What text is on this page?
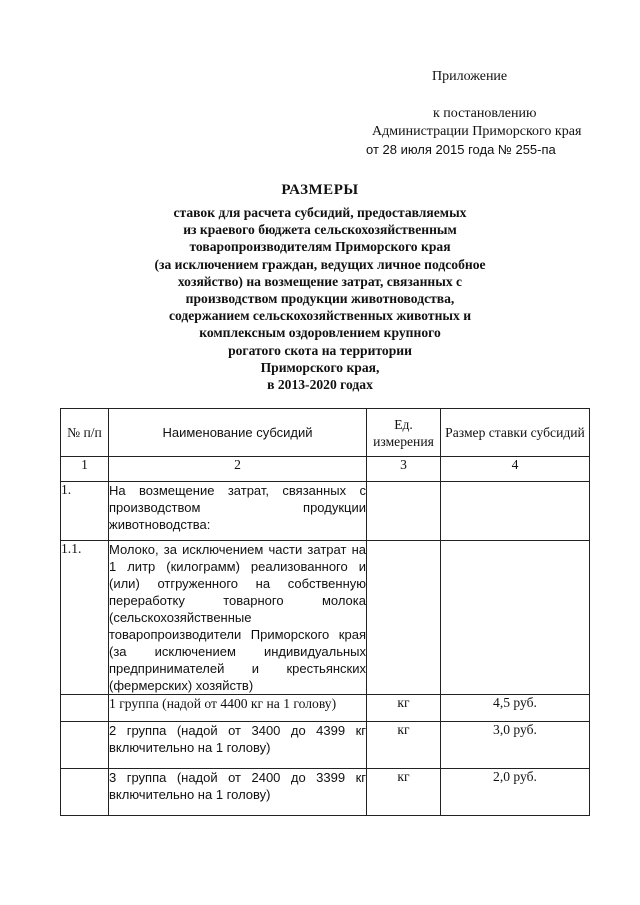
Приложение
к постановлению
Администрации Приморского края
от 28 июля 2015 года № 255-па
РАЗМЕРЫ
ставок для расчета субсидий, предоставляемых
из краевого бюджета сельскохозяйственным
товаропроизводителям Приморского края
(за исключением граждан, ведущих личное подсобное
хозяйство) на возмещение затрат, связанных с
производством продукции животноводства,
содержанием сельскохозяйственных животных и
комплексным оздоровлением крупного
рогатого скота на территории
Приморского края,
в 2013-2020 годах
№ п/п	Наименование субсидий	Ед. измерения	Размер ставки субсидий
1	2	3	4
1.	На возмещение затрат, связанных с производством продукции животноводства:		
1.1.	Молоко, за исключением части затрат на 1 литр (килограмм) реализованного и (или) отгруженного на собственную переработку товарного молока (сельскохозяйственные товаропроизводители Приморского края (за исключением индивидуальных предпринимателей и крестьянских (фермерских) хозяйств)		
	1 группа (надой от 4400 кг на 1 голову)	кг	4,5 руб.
	2 группа (надой от 3400 до 4399 кг включительно на 1 голову)	кг	3,0 руб.
	3 группа (надой от 2400 до 3399 кг включительно на 1 голову)	кг	2,0 руб.
